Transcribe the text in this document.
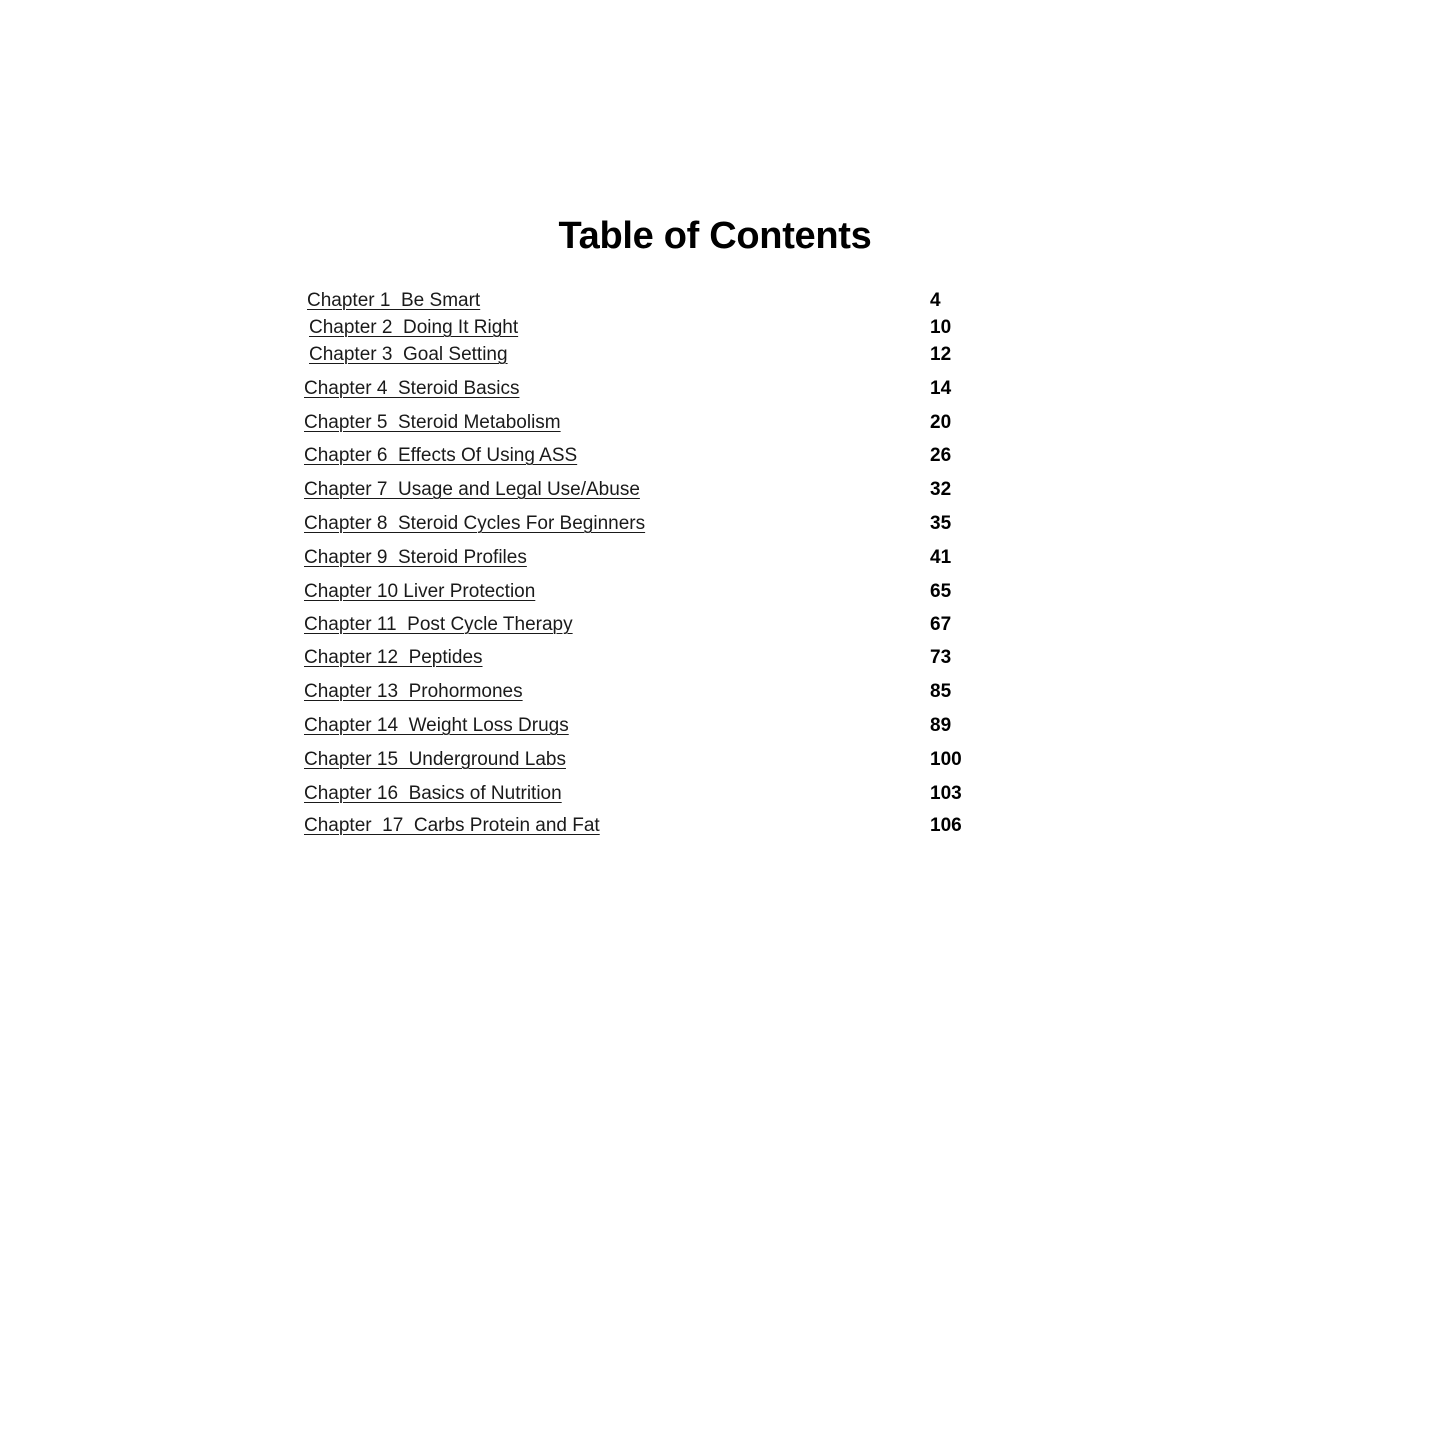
Table of Contents
Chapter 1  Be Smart	4
Chapter 2  Doing It Right	10
Chapter 3  Goal Setting	12
Chapter 4  Steroid Basics	14
Chapter 5  Steroid Metabolism	20
Chapter 6  Effects Of Using ASS	26
Chapter 7  Usage and Legal Use/Abuse	32
Chapter 8  Steroid Cycles For Beginners	35
Chapter 9  Steroid Profiles	41
Chapter 10 Liver Protection	65
Chapter 11  Post Cycle Therapy	67
Chapter 12  Peptides	73
Chapter 13  Prohormones	85
Chapter 14  Weight Loss Drugs	89
Chapter 15  Underground Labs	100
Chapter 16  Basics of Nutrition	103
Chapter  17  Carbs Protein and Fat	106
